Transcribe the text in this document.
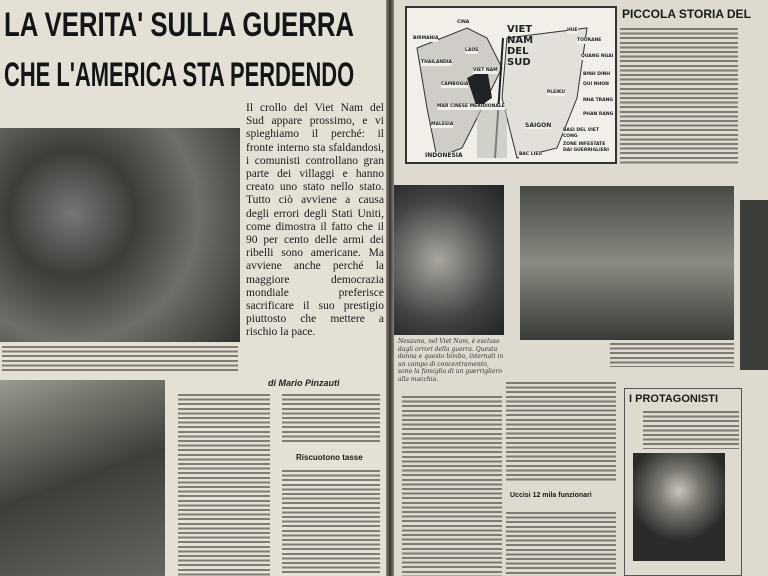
LA VERITA' SULLA GUERRA
CHE L'AMERICA STA PERDENDO
Il crollo del Viet Nam del Sud appare prossimo, e vi spieghiamo il perché: il fronte interno sta sfaldandosi, i comunisti controllano gran parte dei villaggi e hanno creato uno stato nello stato. Tutto ciò avviene a causa degli errori degli Stati Uniti, come dimostra il fatto che il 90 per cento delle armi dei ribelli sono americane. Ma avviene anche perché la maggiore democrazia mondiale preferisce sacrificare il suo prestigio piuttosto che mettere a rischio la pace.
di Mario Pinzauti
Riscuotono tasse
PICCOLA STORIA DEL
Nessuno, nel Viet Nam, è escluso dagli orrori della guerra. Questa donna e questo bimbo, internati in un campo di concentramento, sono la famiglia di un guerrigliero alla macchia.
Uccisi 12 mila funzionari
I PROTAGONISTI
CINA
BIRMANIA
LAOS
THAILANDIA
VIET NAM
CAMBOGIA
MAR CINESE MERIDIONALE
MALESIA
INDONESIA
VIET NAM DEL SUD
HUE
TOURANE
QUANG NGAI
BINH DINH
QUI NHON
PLEIKU
NHA TRANG
PHAN RANG
SAIGON
BAC LIEU
BASI DEL VIET CONG
ZONE INFESTATE DAI GUERRIGLIERI
